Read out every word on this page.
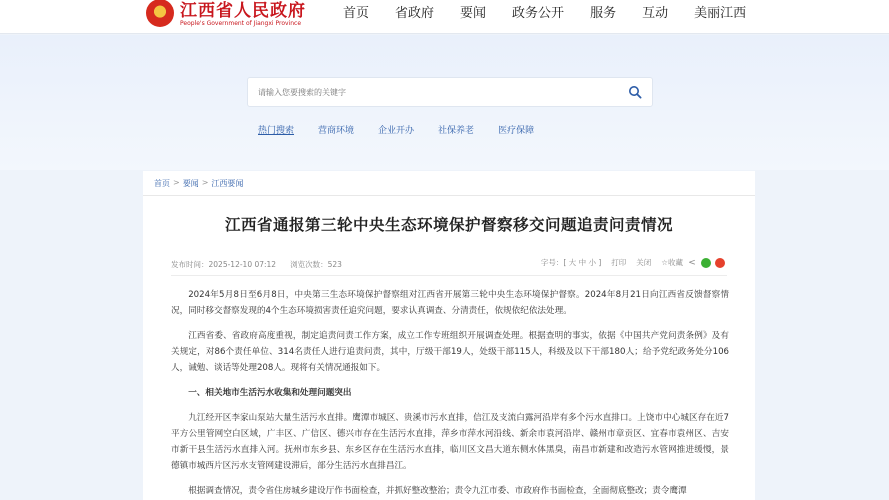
江西省人民政府
People's Government of Jiangxi Province
首页	省政府	要闻	政务公开	服务	互动	美丽江西
请输入您要搜索的关键字
热门搜索	营商环境	企业开办	社保养老	医疗保障
首页 > 要闻 > 江西要闻
江西省通报第三轮中央生态环境保护督察移交问题追责问责情况
发布时间：2025-12-10 07:12 浏览次数：523	字号： [ 大 中 小 ] 打印 关闭 ☆ 收藏 <

2024年5月8日至6月8日，中央第三生态环境保护督察组对江西省开展第三轮中央生态环境保护督察。2024年8月21日向江西省反馈督察情况，同时移交督察发现的4个生态环境损害责任追究问题，要求认真调查、分清责任，依规依纪依法处理。

江西省委、省政府高度重视，制定追责问责工作方案，成立工作专班组织开展调查处理。根据查明的事实，依据《中国共产党问责条例》及有关规定，对86个责任单位、314名责任人进行追责问责，其中，厅级干部19人，处级干部115人，科级及以下干部180人；给予党纪政务处分106人，诫勉、谈话等处理208人。现将有关情况通报如下。

一、相关地市生活污水收集和处理问题突出

九江经开区李家山泵站大量生活污水直排。鹰潭市城区、贵溪市污水直排，信江及支流白露河沿岸有多个污水直排口。上饶市中心城区存在近7平方公里管网空白区域，广丰区、广信区、德兴市存在生活污水直排，萍乡市萍水河沿线、新余市袁河沿岸、赣州市章贡区、宜春市袁州区、吉安市新干县生活污水直排入河。抚州市东乡县、东乡区存在生活污水直排，临川区文昌大道东侧水体黑臭，南昌市新建和改造污水管网推进缓慢，景德镇市城西片区污水支管网建设滞后，部分生活污水直排昌江。

根据调查情况，责令省住房城乡建设厅作书面检查，并抓好整改整治；责令九江市委、市政府作书面检查，全面彻底整改；责令鹰潭
